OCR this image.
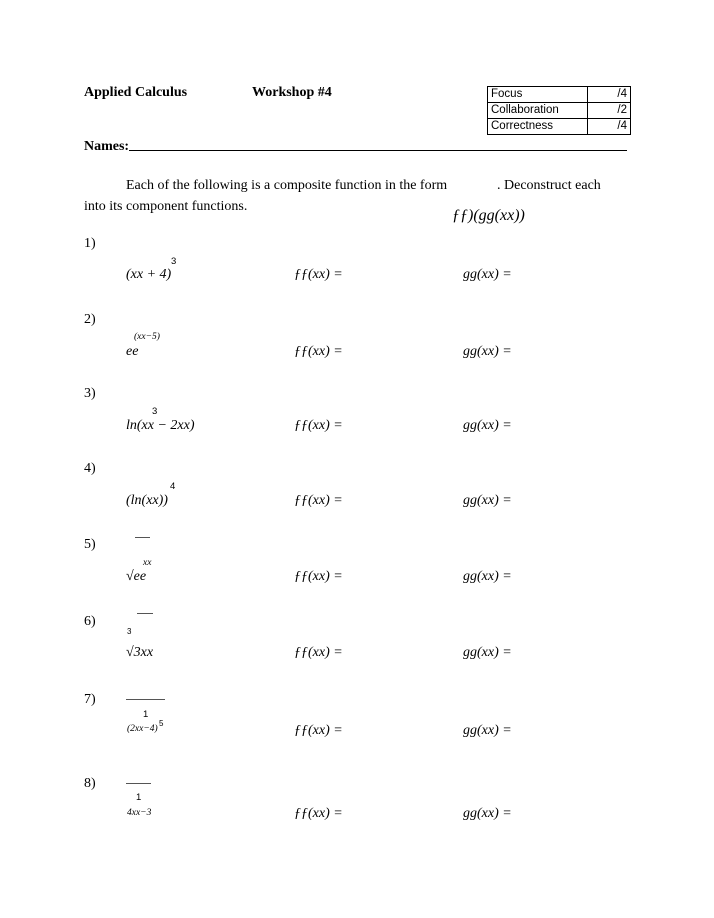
Applied Calculus	Workshop #4	Focus	/4
Collaboration	/2
Correctness	/4
Names:
Each of the following is a composite function in the form	. Deconstruct each
into its component functions.
ƒƒ)(gg(xx))
1)
3
(xx + 4)	ƒƒ(xx) =	gg(xx) =
2)
(xx−5)
ee	ƒƒ(xx) =	gg(xx) =
3)
3
ln(xx − 2xx)	ƒƒ(xx) =	gg(xx) =
4)
4
(ln(xx))	ƒƒ(xx) =	gg(xx) =
5)
xx
√ee	ƒƒ(xx) =	gg(xx) =
6)
3
√3xx	ƒƒ(xx) =	gg(xx) =
7)
1
(2xx−4)
5	ƒƒ(xx) =	gg(xx) =
8)
1
4xx−3	ƒƒ(xx) =	gg(xx) =
